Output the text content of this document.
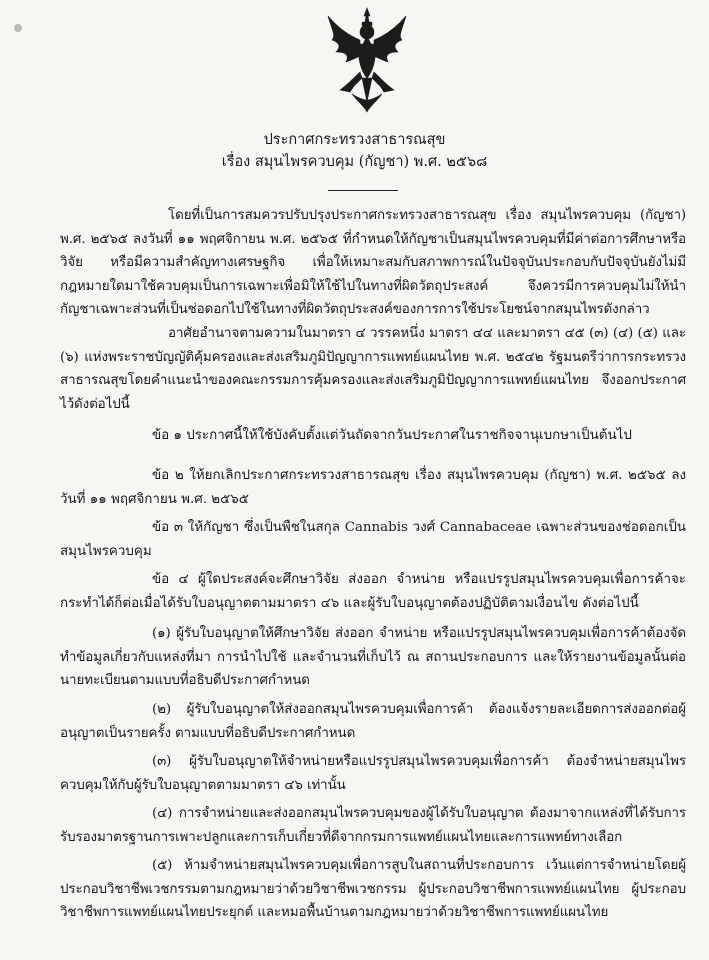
ประกาศกระทรวงสาธารณสุข
เรื่อง สมุนไพรควบคุม (กัญชา) พ.ศ. ๒๕๖๘
โดยที่เป็นการสมควรปรับปรุงประกาศกระทรวงสาธารณสุข เรื่อง สมุนไพรควบคุม (กัญชา) พ.ศ. ๒๕๖๕ ลงวันที่ ๑๑ พฤศจิกายน พ.ศ. ๒๕๖๕ ที่กำหนดให้กัญชาเป็นสมุนไพรควบคุมที่มีค่าต่อการศึกษาหรือวิจัย หรือมีความสำคัญทางเศรษฐกิจ เพื่อให้เหมาะสมกับสภาพการณ์ในปัจจุบันประกอบกับปัจจุบันยังไม่มีกฎหมายใดมาใช้ควบคุมเป็นการเฉพาะเพื่อมิให้ใช้ไปในทางที่ผิดวัตถุประสงค์ จึงควรมีการควบคุมไม่ให้นำกัญชาเฉพาะส่วนที่เป็นช่อดอกไปใช้ในทางที่ผิดวัตถุประสงค์ของการการใช้ประโยชน์จากสมุนไพรดังกล่าว
อาศัยอำนาจตามความในมาตรา ๔ วรรคหนึ่ง มาตรา ๔๔ และมาตรา ๔๕ (๓) (๔) (๕) และ (๖) แห่งพระราชบัญญัติคุ้มครองและส่งเสริมภูมิปัญญาการแพทย์แผนไทย พ.ศ. ๒๕๔๒ รัฐมนตรีว่าการกระทรวงสาธารณสุขโดยคำแนะนำของคณะกรรมการคุ้มครองและส่งเสริมภูมิปัญญาการแพทย์แผนไทย จึงออกประกาศไว้ดังต่อไปนี้
ข้อ ๑ ประกาศนี้ให้ใช้บังคับตั้งแต่วันถัดจากวันประกาศในราชกิจจานุเบกษาเป็นต้นไป
ข้อ ๒ ให้ยกเลิกประกาศกระทรวงสาธารณสุข เรื่อง สมุนไพรควบคุม (กัญชา) พ.ศ. ๒๕๖๕ ลงวันที่ ๑๑ พฤศจิกายน พ.ศ. ๒๕๖๕
ข้อ ๓ ให้กัญชา ซึ่งเป็นพืชในสกุล Cannabis วงศ์ Cannabaceae เฉพาะส่วนของช่อดอกเป็นสมุนไพรควบคุม
ข้อ ๔ ผู้ใดประสงค์จะศึกษาวิจัย ส่งออก จำหน่าย หรือแปรรูปสมุนไพรควบคุมเพื่อการค้าจะกระทำได้ก็ต่อเมื่อได้รับใบอนุญาตตามมาตรา ๔๖ และผู้รับใบอนุญาตต้องปฏิบัติตามเงื่อนไข ดังต่อไปนี้
(๑) ผู้รับใบอนุญาตให้ศึกษาวิจัย ส่งออก จำหน่าย หรือแปรรูปสมุนไพรควบคุมเพื่อการค้าต้องจัดทำข้อมูลเกี่ยวกับแหล่งที่มา การนำไปใช้ และจำนวนที่เก็บไว้ ณ สถานประกอบการ และให้รายงานข้อมูลนั้นต่อนายทะเบียนตามแบบที่อธิบดีประกาศกำหนด
(๒) ผู้รับใบอนุญาตให้ส่งออกสมุนไพรควบคุมเพื่อการค้า ต้องแจ้งรายละเอียดการส่งออกต่อผู้อนุญาตเป็นรายครั้ง ตามแบบที่อธิบดีประกาศกำหนด
(๓) ผู้รับใบอนุญาตให้จำหน่ายหรือแปรรูปสมุนไพรควบคุมเพื่อการค้า ต้องจำหน่ายสมุนไพรควบคุมให้กับผู้รับใบอนุญาตตามมาตรา ๔๖ เท่านั้น
(๔) การจำหน่ายและส่งออกสมุนไพรควบคุมของผู้ได้รับใบอนุญาต ต้องมาจากแหล่งที่ได้รับการรับรองมาตรฐานการเพาะปลูกและการเก็บเกี่ยวที่ดีจากกรมการแพทย์แผนไทยและการแพทย์ทางเลือก
(๕) ห้ามจำหน่ายสมุนไพรควบคุมเพื่อการสูบในสถานที่ประกอบการ เว้นแต่การจำหน่ายโดยผู้ประกอบวิชาชีพเวชกรรมตามกฎหมายว่าด้วยวิชาชีพเวชกรรม ผู้ประกอบวิชาชีพการแพทย์แผนไทย ผู้ประกอบวิชาชีพการแพทย์แผนไทยประยุกต์ และหมอพื้นบ้านตามกฎหมายว่าด้วยวิชาชีพการแพทย์แผนไทย
